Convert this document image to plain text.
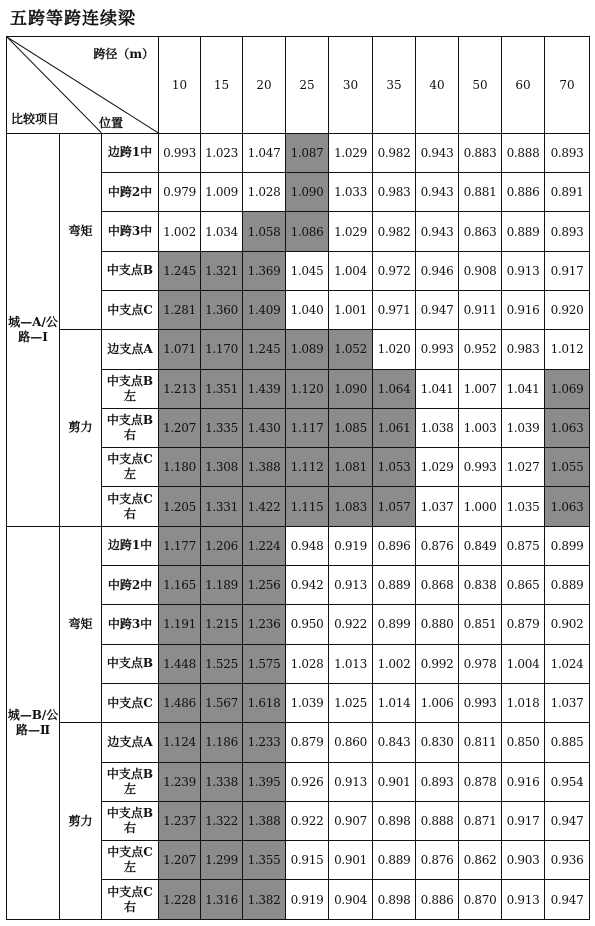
五跨等跨连续梁
跨径（m）
比较项目 位置			10	15	20	25	30	35	40	50	60	70
城—A/公路—Ⅰ	弯矩	边跨1中	0.993	1.023	1.047	1.087	1.029	0.982	0.943	0.883	0.888	0.893
		中跨2中	0.979	1.009	1.028	1.090	1.033	0.983	0.943	0.881	0.886	0.891
		中跨3中	1.002	1.034	1.058	1.086	1.029	0.982	0.943	0.863	0.889	0.893
		中支点B	1.245	1.321	1.369	1.045	1.004	0.972	0.946	0.908	0.913	0.917
		中支点C	1.281	1.360	1.409	1.040	1.001	0.971	0.947	0.911	0.916	0.920
	剪力	边支点A	1.071	1.170	1.245	1.089	1.052	1.020	0.993	0.952	0.983	1.012
		中支点B左	1.213	1.351	1.439	1.120	1.090	1.064	1.041	1.007	1.041	1.069
		中支点B右	1.207	1.335	1.430	1.117	1.085	1.061	1.038	1.003	1.039	1.063
		中支点C左	1.180	1.308	1.388	1.112	1.081	1.053	1.029	0.993	1.027	1.055
		中支点C右	1.205	1.331	1.422	1.115	1.083	1.057	1.037	1.000	1.035	1.063
城—B/公路—Ⅱ	弯矩	边跨1中	1.177	1.206	1.224	0.948	0.919	0.896	0.876	0.849	0.875	0.899
		中跨2中	1.165	1.189	1.256	0.942	0.913	0.889	0.868	0.838	0.865	0.889
		中跨3中	1.191	1.215	1.236	0.950	0.922	0.899	0.880	0.851	0.879	0.902
		中支点B	1.448	1.525	1.575	1.028	1.013	1.002	0.992	0.978	1.004	1.024
		中支点C	1.486	1.567	1.618	1.039	1.025	1.014	1.006	0.993	1.018	1.037
	剪力	边支点A	1.124	1.186	1.233	0.879	0.860	0.843	0.830	0.811	0.850	0.885
		中支点B左	1.239	1.338	1.395	0.926	0.913	0.901	0.893	0.878	0.916	0.954
		中支点B右	1.237	1.322	1.388	0.922	0.907	0.898	0.888	0.871	0.917	0.947
		中支点C左	1.207	1.299	1.355	0.915	0.901	0.889	0.876	0.862	0.903	0.936
		中支点C右	1.228	1.316	1.382	0.919	0.904	0.898	0.886	0.870	0.913	0.947
